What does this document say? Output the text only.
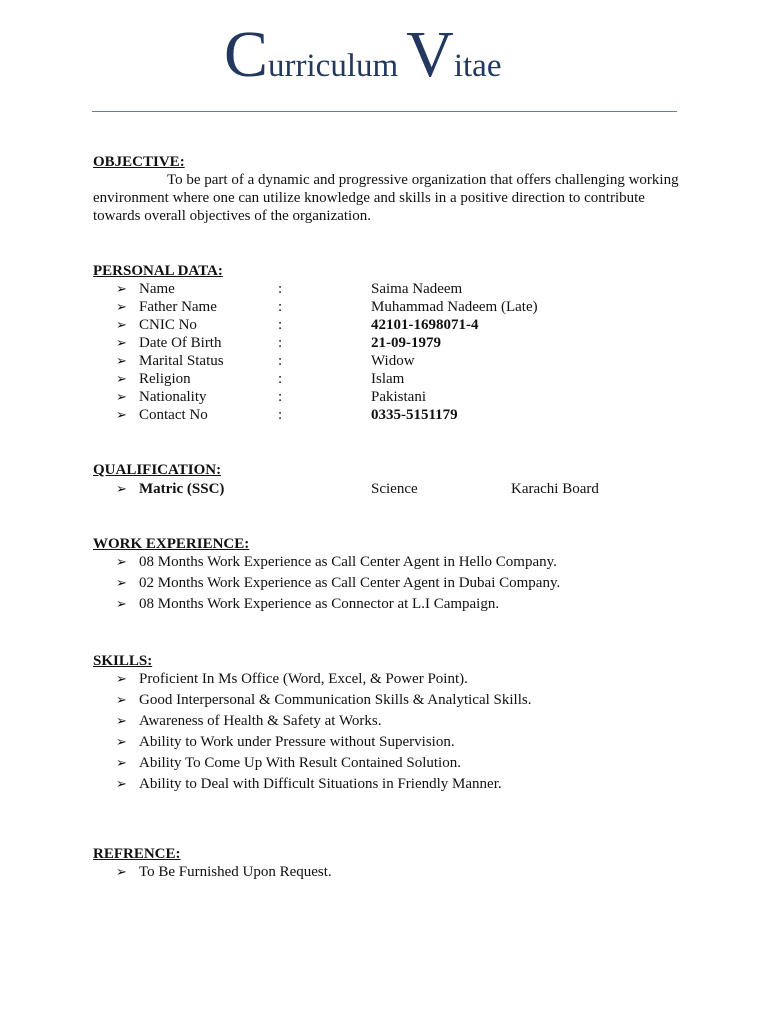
Curriculum Vitae
OBJECTIVE:
To be part of a dynamic and progressive organization that offers challenging working environment where one can utilize knowledge and skills in a positive direction to contribute towards overall objectives of the organization.
PERSONAL DATA:
➢ Name	:	Saima Nadeem
➢ Father Name	:	Muhammad Nadeem (Late)
➢ CNIC No	:	42101-1698071-4
➢ Date Of Birth	:	21-09-1979
➢ Marital Status	:	Widow
➢ Religion	:	Islam
➢ Nationality	:	Pakistani
➢ Contact No	:	0335-5151179
QUALIFICATION:
➢ Matric (SSC)	Science	Karachi Board
WORK EXPERIENCE:
➢ 08 Months Work Experience as Call Center Agent in Hello Company.
➢ 02 Months Work Experience as Call Center Agent in Dubai Company.
➢ 08 Months Work Experience as Connector at L.I Campaign.
SKILLS:
➢ Proficient In Ms Office (Word, Excel, & Power Point).
➢ Good Interpersonal & Communication Skills & Analytical Skills.
➢ Awareness of Health & Safety at Works.
➢ Ability to Work under Pressure without Supervision.
➢ Ability To Come Up With Result Contained Solution.
➢ Ability to Deal with Difficult Situations in Friendly Manner.
REFRENCE:
➢ To Be Furnished Upon Request.
